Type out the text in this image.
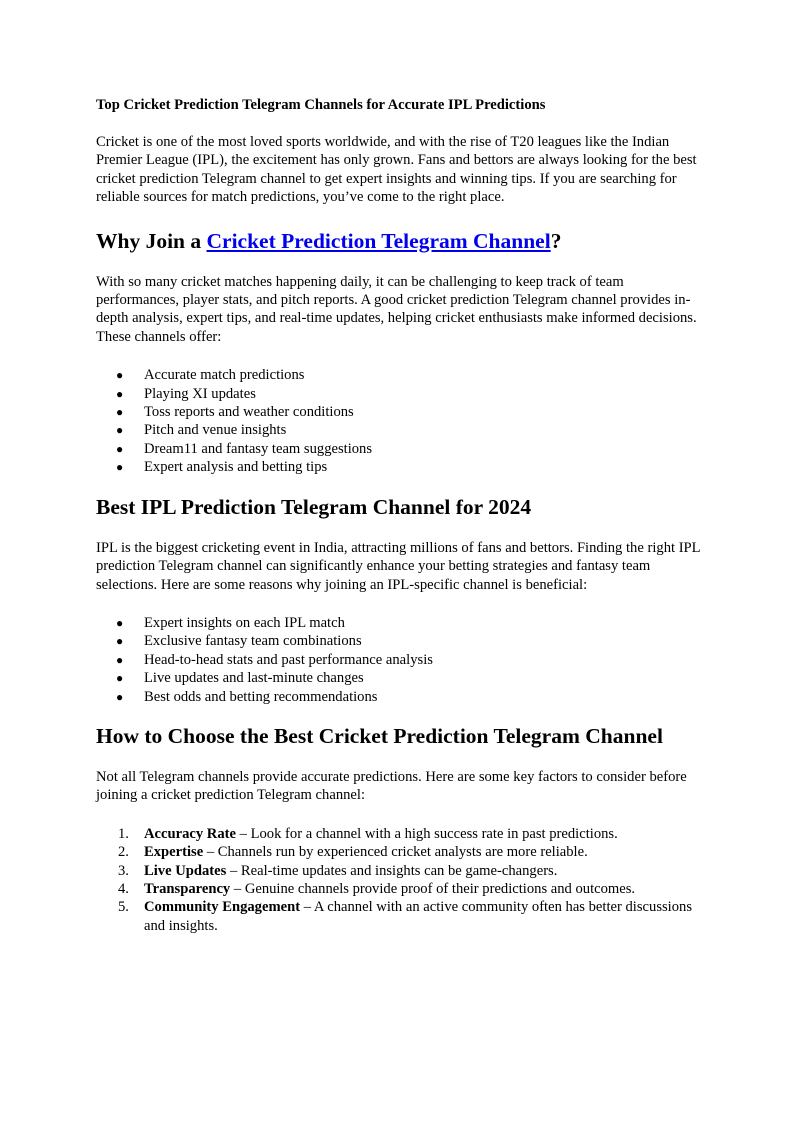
Top Cricket Prediction Telegram Channels for Accurate IPL Predictions

Cricket is one of the most loved sports worldwide, and with the rise of T20 leagues like the Indian Premier League (IPL), the excitement has only grown. Fans and bettors are always looking for the best cricket prediction Telegram channel to get expert insights and winning tips. If you are searching for reliable sources for match predictions, you’ve come to the right place.

Why Join a Cricket Prediction Telegram Channel?

With so many cricket matches happening daily, it can be challenging to keep track of team performances, player stats, and pitch reports. A good cricket prediction Telegram channel provides in-depth analysis, expert tips, and real-time updates, helping cricket enthusiasts make informed decisions. These channels offer:

● Accurate match predictions
● Playing XI updates
● Toss reports and weather conditions
● Pitch and venue insights
● Dream11 and fantasy team suggestions
● Expert analysis and betting tips
Best IPL Prediction Telegram Channel for 2024

IPL is the biggest cricketing event in India, attracting millions of fans and bettors. Finding the right IPL prediction Telegram channel can significantly enhance your betting strategies and fantasy team selections. Here are some reasons why joining an IPL-specific channel is beneficial:

● Expert insights on each IPL match
● Exclusive fantasy team combinations
● Head-to-head stats and past performance analysis
● Live updates and last-minute changes
● Best odds and betting recommendations
How to Choose the Best Cricket Prediction Telegram Channel

Not all Telegram channels provide accurate predictions. Here are some key factors to consider before joining a cricket prediction Telegram channel:

1. Accuracy Rate – Look for a channel with a high success rate in past predictions.
2. Expertise – Channels run by experienced cricket analysts are more reliable.
3. Live Updates – Real-time updates and insights can be game-changers.
4. Transparency – Genuine channels provide proof of their predictions and outcomes.
5. Community Engagement – A channel with an active community often has better discussions and insights.
